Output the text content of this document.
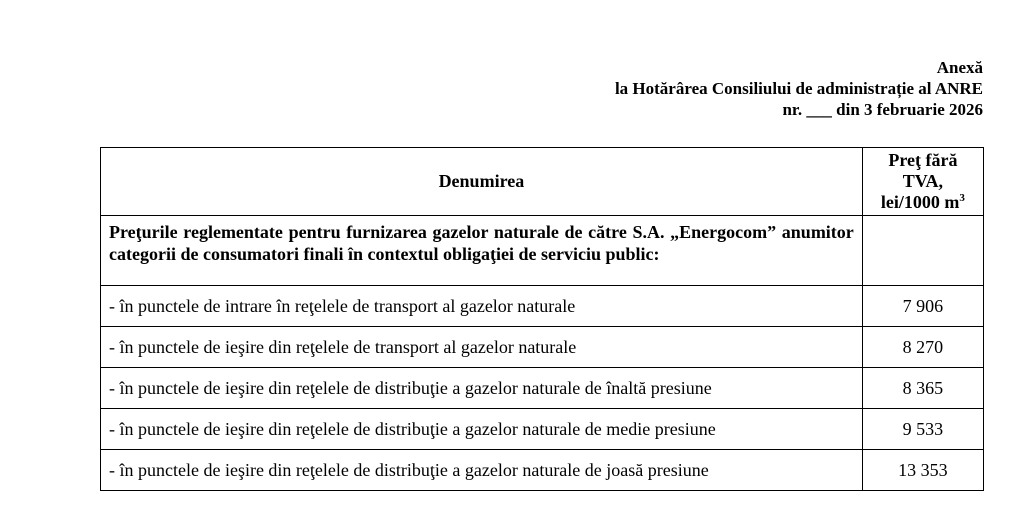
Anexă
la Hotărârea Consiliului de administrație al ANRE
nr. ___ din 3 februarie 2026
Denumirea	Preţ fără
TVA,
lei/1000 $m^3$
Preţurile reglementate pentru furnizarea gazelor naturale de către S.A. „Energocom” anumitor categorii de consumatori finali în contextul obligaţiei de serviciu public:	
- în punctele de intrare în reţelele de transport al gazelor naturale	7 906
- în punctele de ieşire din reţelele de transport al gazelor naturale	8 270
- în punctele de ieşire din reţelele de distribuţie a gazelor naturale de înaltă presiune	8 365
- în punctele de ieşire din reţelele de distribuţie a gazelor naturale de medie presiune	9 533
- în punctele de ieşire din reţelele de distribuţie a gazelor naturale de joasă presiune	13 353
